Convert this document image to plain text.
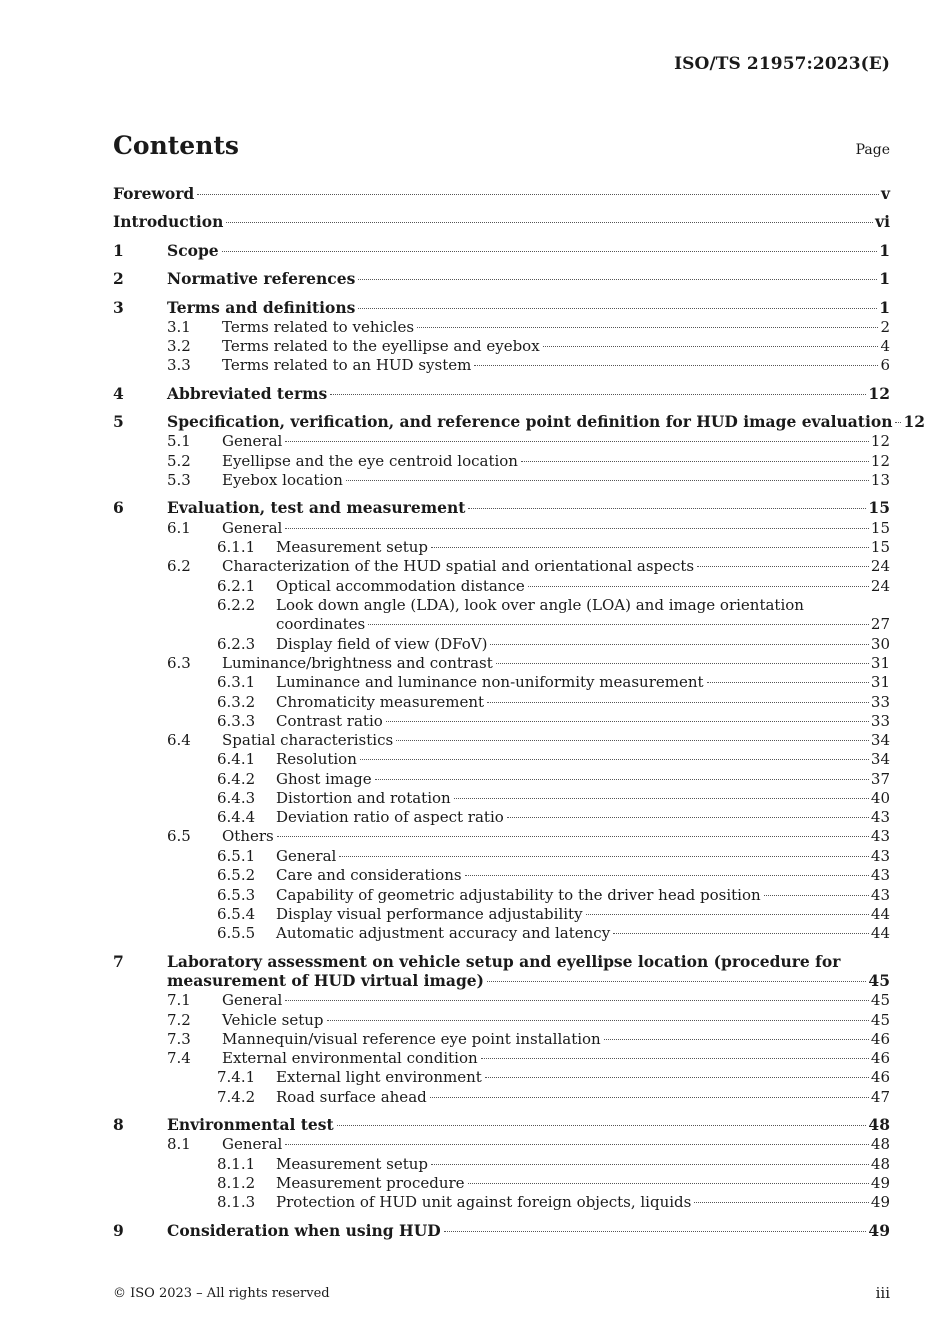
ISO/TS 21957:2023(E)
Contents	Page
Foreword	v
Introduction	vi
1	Scope	1
2	Normative references	1
3	Terms and definitions	1
3.1 Terms related to vehicles	2
3.2 Terms related to the eyellipse and eyebox	4
3.3 Terms related to an HUD system	6
4	Abbreviated terms	12
5	Specification, verification, and reference point definition for HUD image evaluation 12
5.1 General	12
5.2 Eyellipse and the eye centroid location	12
5.3 Eyebox location	13
6	Evaluation, test and measurement	15
6.1 General	15
6.1.1 Measurement setup	15
6.2 Characterization of the HUD spatial and orientational aspects	24
6.2.1 Optical accommodation distance	24
6.2.2 Look down angle (LDA), look over angle (LOA) and image orientation
coordinates	27
6.2.3 Display field of view (DFoV)	30
6.3 Luminance/brightness and contrast	31
6.3.1 Luminance and luminance non-uniformity measurement	31
6.3.2 Chromaticity measurement	33
6.3.3 Contrast ratio	33
6.4 Spatial characteristics	34
6.4.1 Resolution	34
6.4.2 Ghost image	37
6.4.3 Distortion and rotation	40
6.4.4 Deviation ratio of aspect ratio	43
6.5 Others	43
6.5.1 General	43
6.5.2 Care and considerations	43
6.5.3 Capability of geometric adjustability to the driver head position	43
6.5.4 Display visual performance adjustability	44
6.5.5 Automatic adjustment accuracy and latency	44
7	Laboratory assessment on vehicle setup and eyellipse location (procedure for
measurement of HUD virtual image)	45
7.1 General	45
7.2 Vehicle setup	45
7.3 Mannequin/visual reference eye point installation	46
7.4 External environmental condition	46
7.4.1 External light environment	46
7.4.2 Road surface ahead	47
8	Environmental test	48
8.1 General	48
8.1.1 Measurement setup	48
8.1.2 Measurement procedure	49
8.1.3 Protection of HUD unit against foreign objects, liquids	49
9	Consideration when using HUD	49
© ISO 2023 – All rights reserved	iii
